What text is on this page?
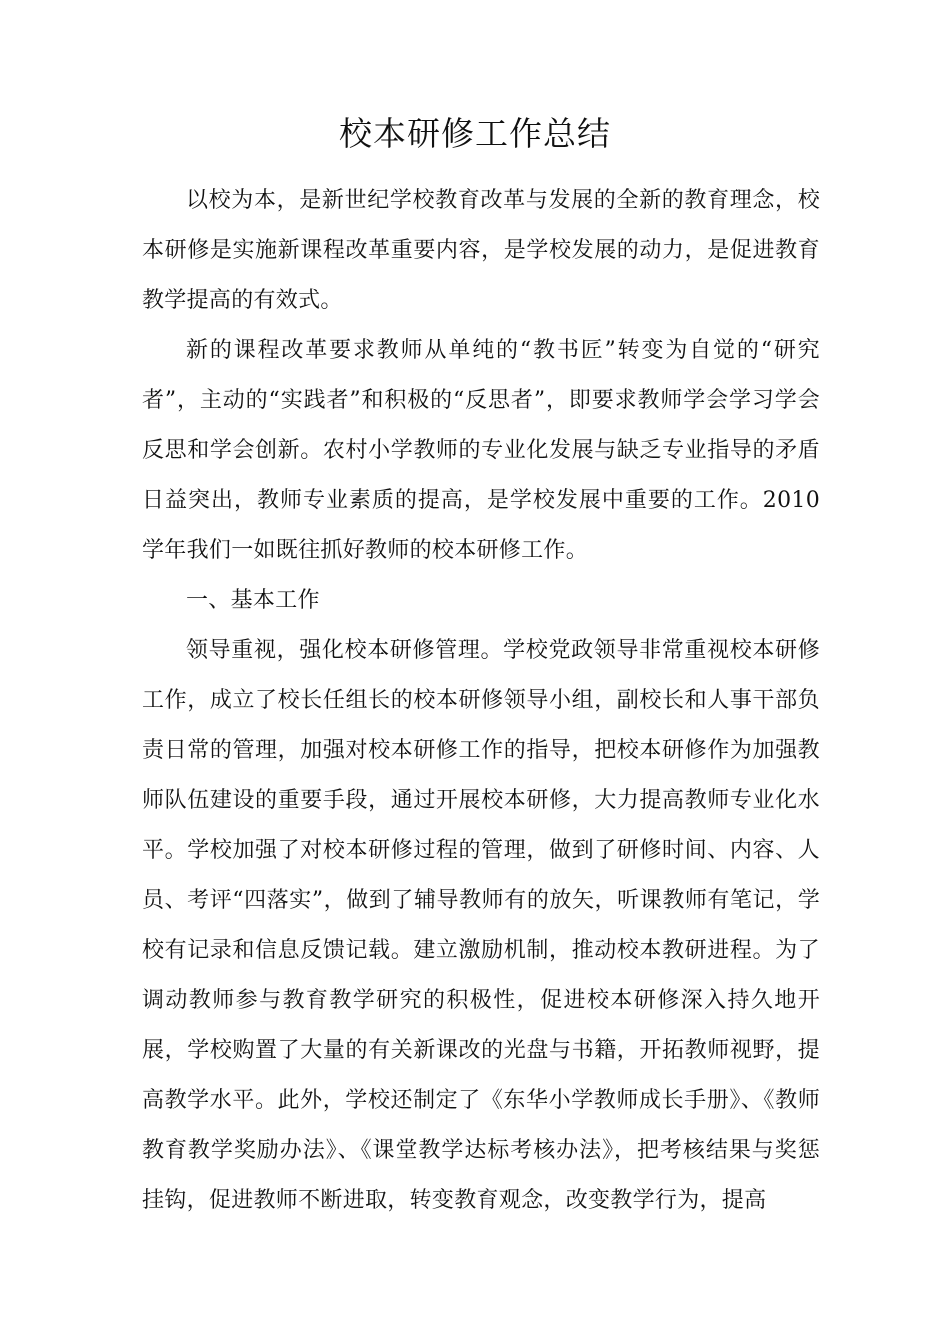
校本研修工作总结

以校为本，是新世纪学校教育改革与发展的全新的教育理念，校本研修是实施新课程改革重要内容，是学校发展的动力，是促进教育教学提高的有效式。

新的课程改革要求教师从单纯的“教书匠”转变为自觉的“研究者”，主动的“实践者”和积极的“反思者”，即要求教师学会学习学会反思和学会创新。农村小学教师的专业化发展与缺乏专业指导的矛盾日益突出，教师专业素质的提高，是学校发展中重要的工作。2010学年我们一如既往抓好教师的校本研修工作。

一、基本工作

领导重视，强化校本研修管理。学校党政领导非常重视校本研修工作，成立了校长任组长的校本研修领导小组，副校长和人事干部负责日常的管理，加强对校本研修工作的指导，把校本研修作为加强教师队伍建设的重要手段，通过开展校本研修，大力提高教师专业化水平。学校加强了对校本研修过程的管理，做到了研修时间、内容、人员、考评“四落实”，做到了辅导教师有的放矢，听课教师有笔记，学校有记录和信息反馈记载。建立激励机制，推动校本教研进程。为了调动教师参与教育教学研究的积极性，促进校本研修深入持久地开展，学校购置了大量的有关新课改的光盘与书籍，开拓教师视野，提高教学水平。此外，学校还制定了《东华小学教师成长手册》、《教师教育教学奖励办法》、《课堂教学达标考核办法》，把考核结果与奖惩挂钩，促进教师不断进取，转变教育观念，改变教学行为，提高
